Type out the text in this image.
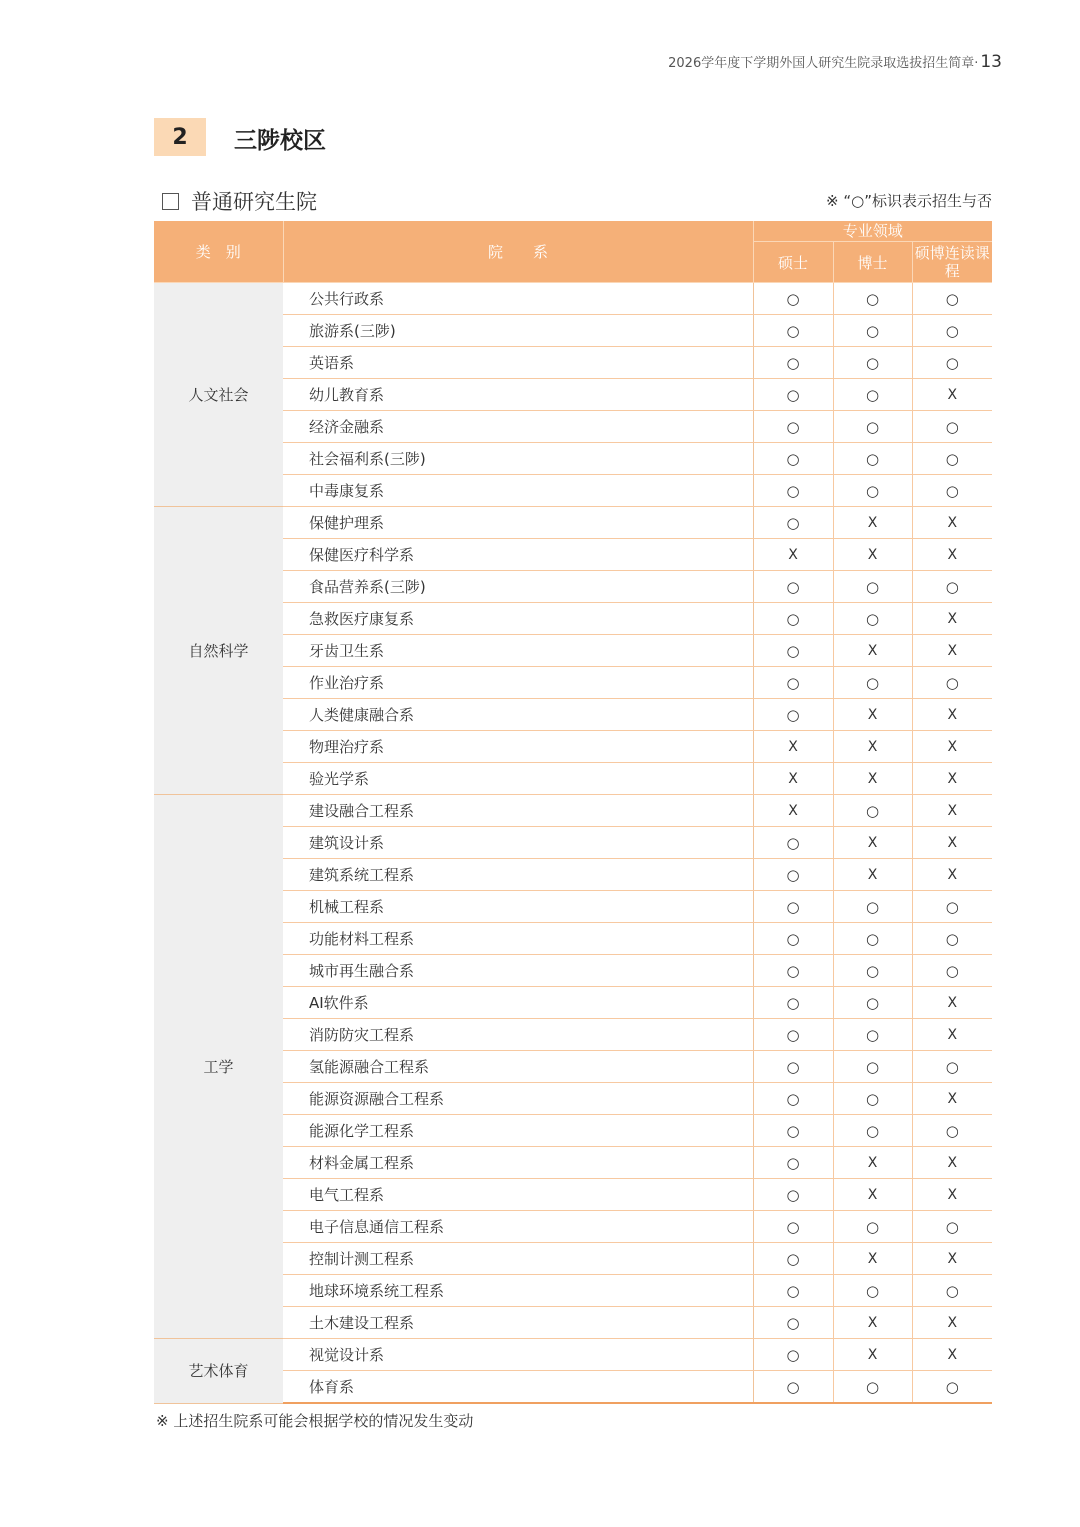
2026学年度下学期外国人研究生院录取选拔招生简章· 13
2	三陟校区
普通研究生院	※ “○”标识表示招生与否
类　别	院　　系	专业领域		
		硕士	博士	硕博连读课程
人文社会	公共行政系	○	○	○
	旅游系(三陟)	○	○	○
	英语系	○	○	○
	幼儿教育系	○	○	X
	经济金融系	○	○	○
	社会福利系(三陟)	○	○	○
	中毒康复系	○	○	○
自然科学	保健护理系	○	X	X
	保健医疗科学系	X	X	X
	食品营养系(三陟)	○	○	○
	急救医疗康复系	○	○	X
	牙齿卫生系	○	X	X
	作业治疗系	○	○	○
	人类健康融合系	○	X	X
	物理治疗系	X	X	X
	验光学系	X	X	X
工学	建设融合工程系	X	○	X
	建筑设计系	○	X	X
	建筑系统工程系	○	X	X
	机械工程系	○	○	○
	功能材料工程系	○	○	○
	城市再生融合系	○	○	○
	AI软件系	○	○	X
	消防防灾工程系	○	○	X
	氢能源融合工程系	○	○	○
	能源资源融合工程系	○	○	X
	能源化学工程系	○	○	○
	材料金属工程系	○	X	X
	电气工程系	○	X	X
	电子信息通信工程系	○	○	○
	控制计测工程系	○	X	X
	地球环境系统工程系	○	○	○
	土木建设工程系	○	X	X
艺术体育	视觉设计系	○	X	X
	体育系	○	○	○
※ 上述招生院系可能会根据学校的情况发生变动
